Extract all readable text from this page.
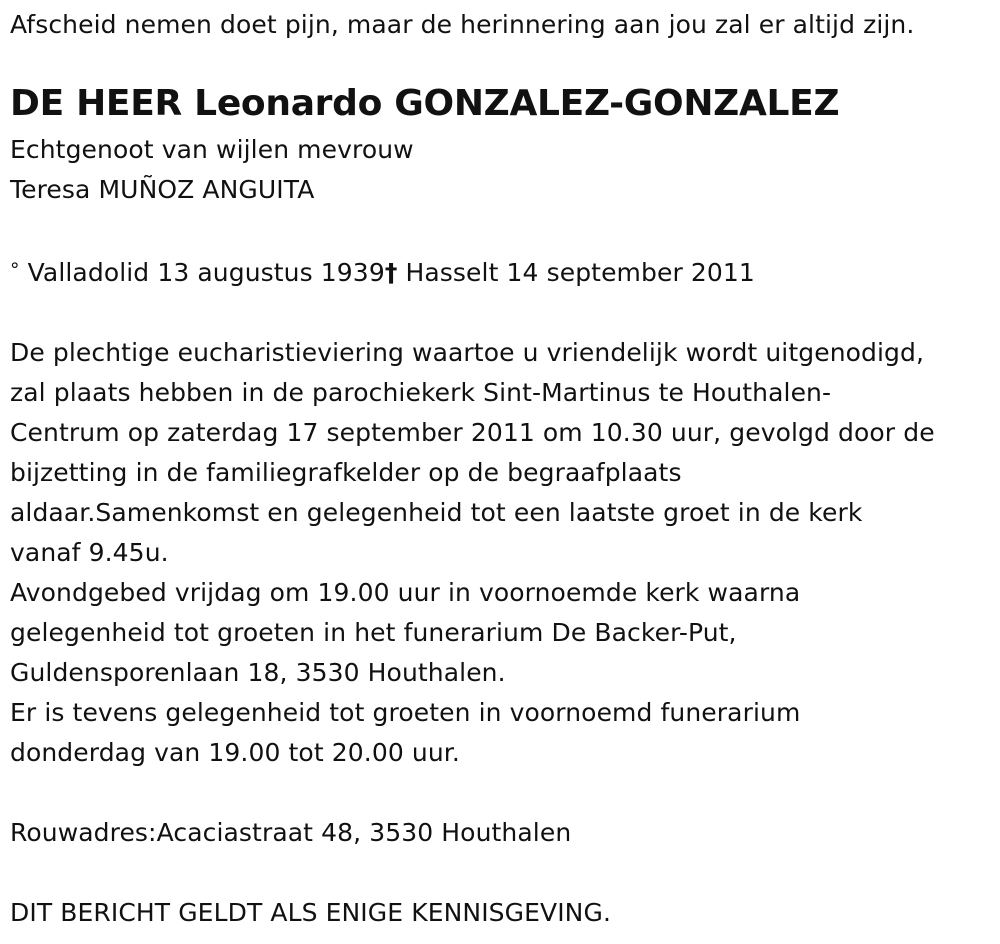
Afscheid nemen doet pijn, maar de herinnering aan jou zal er altijd zijn.
DE HEER Leonardo GONZALEZ-GONZALEZ
Echtgenoot van wijlen mevrouw
Teresa MUÑOZ ANGUITA
° Valladolid 13 augustus 1939† Hasselt 14 september 2011
De plechtige eucharistieviering waartoe u vriendelijk wordt uitgenodigd,
zal plaats hebben in de parochiekerk Sint-Martinus te Houthalen-
Centrum op zaterdag 17 september 2011 om 10.30 uur, gevolgd door de
bijzetting in de familiegrafkelder op de begraafplaats
aldaar.Samenkomst en gelegenheid tot een laatste groet in de kerk
vanaf 9.45u.
Avondgebed vrijdag om 19.00 uur in voornoemde kerk waarna
gelegenheid tot groeten in het funerarium De Backer-Put,
Guldensporenlaan 18, 3530 Houthalen.
Er is tevens gelegenheid tot groeten in voornoemd funerarium
donderdag van 19.00 tot 20.00 uur.
Rouwadres:Acaciastraat 48, 3530 Houthalen
DIT BERICHT GELDT ALS ENIGE KENNISGEVING.
